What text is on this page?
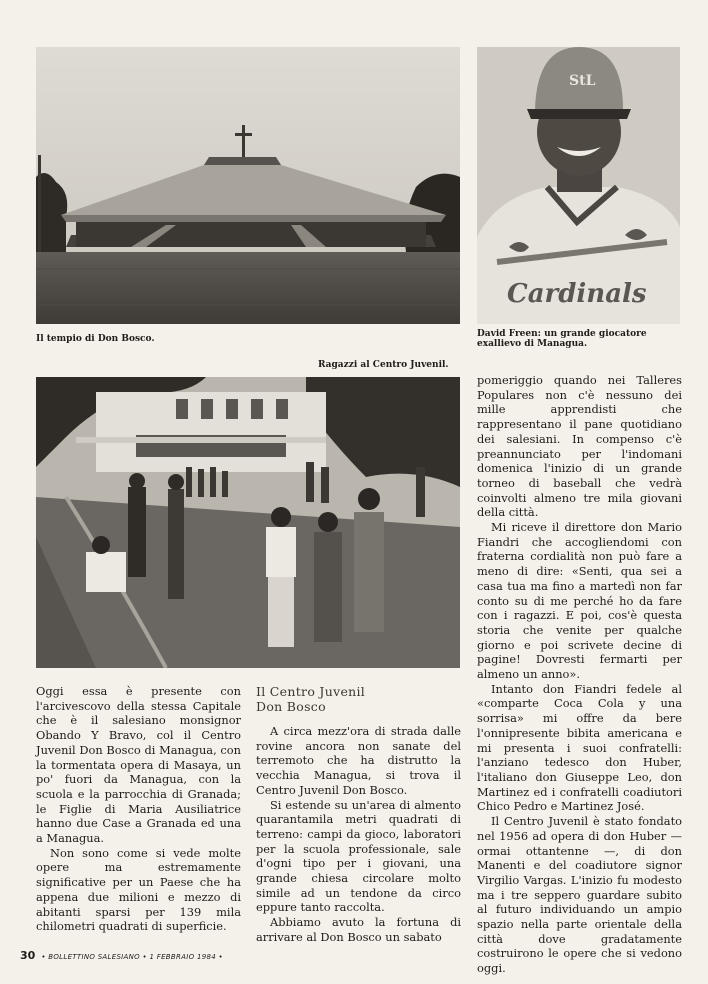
StL
Cardinals
Il tempio di Don Bosco.	David Freen: un grande giocatore exallievo di Managua.
Ragazzi al Centro Juvenil.

Oggi essa è presente con l'arcivescovo della stessa Capitale che è il salesiano monsignor Obando Y Bravo, col il Centro Juvenil Don Bosco di Managua, con la tormentata opera di Masaya, un po' fuori da Managua, con la scuola e la parrocchia di Granada; le Figlie di Maria Ausiliatrice hanno due Case a Granada ed una a Managua.

Non sono come si vede molte opere ma estremamente significative per un Paese che ha appena due milioni e mezzo di abitanti sparsi per 139 mila chilometri quadrati di superficie.

Il Centro Juvenil
Don Bosco

A circa mezz'ora di strada dalle rovine ancora non sanate del terremoto che ha distrutto la vecchia Managua, si trova il Centro Juvenil Don Bosco.

Si estende su un'area di almento quarantamila metri quadrati di terreno: campi da gioco, laboratori per la scuola professionale, sale d'ogni tipo per i giovani, una grande chiesa circolare molto simile ad un tendone da circo eppure tanto raccolta.

Abbiamo avuto la fortuna di arrivare al Don Bosco un sabato

pomeriggio quando nei Talleres Populares non c'è nessuno dei mille apprendisti che rappresentano il pane quotidiano dei salesiani. In compenso c'è preannunciato per l'indomani domenica l'inizio di un grande torneo di baseball che vedrà coinvolti almeno tre mila giovani della città.

Mi riceve il direttore don Mario Fiandri che accogliendomi con fraterna cordialità non può fare a meno di dire: «Senti, qua sei a casa tua ma fino a martedì non far conto su di me perché ho da fare con i ragazzi. E poi, cos'è questa storia che venite per qualche giorno e poi scrivete decine di pagine! Dovresti fermarti per almeno un anno».

Intanto don Fiandri fedele al «comparte Coca Cola y una sorrisa» mi offre da bere l'onnipresente bibita americana e mi presenta i suoi confratelli: l'anziano tedesco don Huber, l'italiano don Giuseppe Leo, don Martinez ed i confratelli coadiutori Chico Pedro e Martinez José.

Il Centro Juvenil è stato fondato nel 1956 ad opera di don Huber — ormai ottantenne —, di don Manenti e del coadiutore signor Virgilio Vargas. L'inizio fu modesto ma i tre seppero guardare subito al futuro individuando un ampio spazio nella parte orientale della città dove gradatamente costruirono le opere che si vedono oggi.

30 • BOLLETTINO SALESIANO • 1 FEBBRAIO 1984 •
